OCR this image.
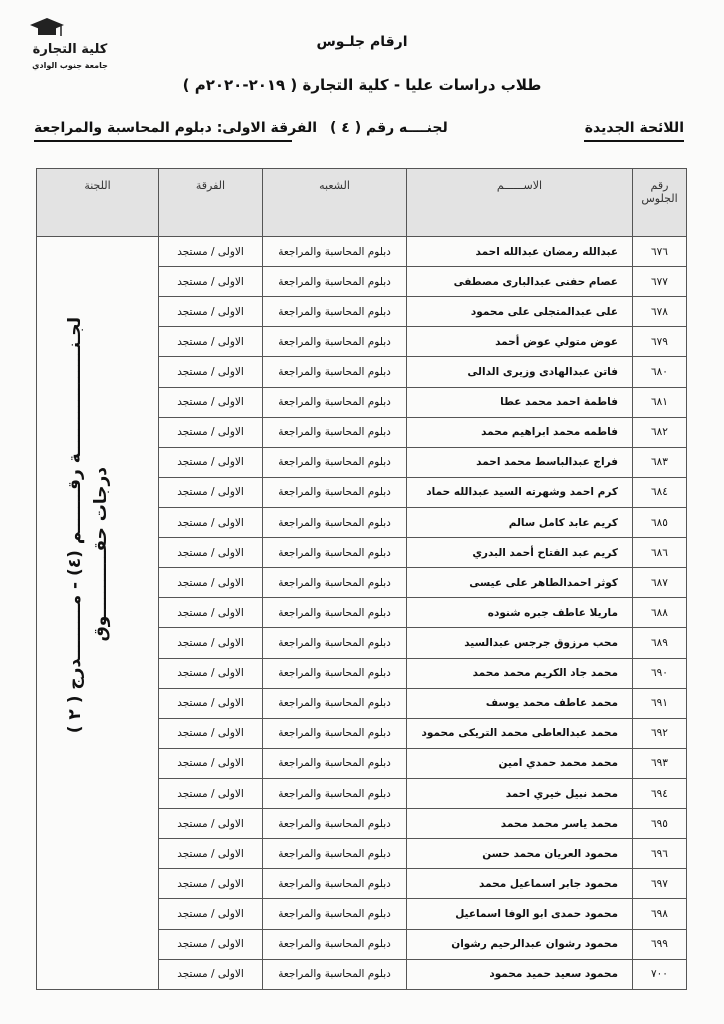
كلية التجارة
جامعة جنوب الوادي
ارقام جلـوس
طلاب دراسات عليا - كلية التجارة ( ٢٠١٩-٢٠٢٠م )
اللائحة الجديدة
لجنــــه رقم ( ٤ )
الفرقة الاولى: دبلوم المحاسبة والمراجعة
رقم الجلوس	الاســــــم	الشعبه	الفرقة	اللجنة
٦٧٦	عبدالله رمضان عبدالله احمد	دبلوم المحاسبة والمراجعة	الاولى / مستجد	لجـنــــــــــــــــــة رقـــــــم (٤) - مـــــــــدرج ( ٢ ) درجات حقـــــــــــوق

٦٧٧	عصام حفنى عبدالبارى مصطفى	دبلوم المحاسبة والمراجعة	الاولى / مستجد	
٦٧٨	على عبدالمتجلى على محمود	دبلوم المحاسبة والمراجعة	الاولى / مستجد	
٦٧٩	عوض متولي عوض أحمد	دبلوم المحاسبة والمراجعة	الاولى / مستجد	
٦٨٠	فاتن عبدالهادى وزيرى الدالى	دبلوم المحاسبة والمراجعة	الاولى / مستجد	
٦٨١	فاطمة احمد محمد عطا	دبلوم المحاسبة والمراجعة	الاولى / مستجد	
٦٨٢	فاطمه محمد ابراهيم محمد	دبلوم المحاسبة والمراجعة	الاولى / مستجد	
٦٨٣	فراج عبدالباسط محمد احمد	دبلوم المحاسبة والمراجعة	الاولى / مستجد	
٦٨٤	كرم احمد وشهرته السيد عبدالله حماد	دبلوم المحاسبة والمراجعة	الاولى / مستجد	
٦٨٥	كريم عابد كامل سالم	دبلوم المحاسبة والمراجعة	الاولى / مستجد	
٦٨٦	كريم عبد الفتاح أحمد البدري	دبلوم المحاسبة والمراجعة	الاولى / مستجد	
٦٨٧	كوثر احمدالطاهر على عيسى	دبلوم المحاسبة والمراجعة	الاولى / مستجد	
٦٨٨	ماريلا عاطف جبره شنوده	دبلوم المحاسبة والمراجعة	الاولى / مستجد	
٦٨٩	محب مرزوق جرجس عبدالسيد	دبلوم المحاسبة والمراجعة	الاولى / مستجد	
٦٩٠	محمد جاد الكريم محمد محمد	دبلوم المحاسبة والمراجعة	الاولى / مستجد	
٦٩١	محمد عاطف محمد يوسف	دبلوم المحاسبة والمراجعة	الاولى / مستجد	
٦٩٢	محمد عبدالعاطى محمد التريكى محمود	دبلوم المحاسبة والمراجعة	الاولى / مستجد	
٦٩٣	محمد محمد حمدي امين	دبلوم المحاسبة والمراجعة	الاولى / مستجد	
٦٩٤	محمد نبيل خيري احمد	دبلوم المحاسبة والمراجعة	الاولى / مستجد	
٦٩٥	محمد ياسر محمد محمد	دبلوم المحاسبة والمراجعة	الاولى / مستجد	
٦٩٦	محمود العريان محمد حسن	دبلوم المحاسبة والمراجعة	الاولى / مستجد	
٦٩٧	محمود جابر اسماعيل محمد	دبلوم المحاسبة والمراجعة	الاولى / مستجد	
٦٩٨	محمود حمدى ابو الوفا اسماعيل	دبلوم المحاسبة والمراجعة	الاولى / مستجد	
٦٩٩	محمود رشوان عبدالرحيم رشوان	دبلوم المحاسبة والمراجعة	الاولى / مستجد	
٧٠٠	محمود سعيد حميد محمود	دبلوم المحاسبة والمراجعة	الاولى / مستجد	
